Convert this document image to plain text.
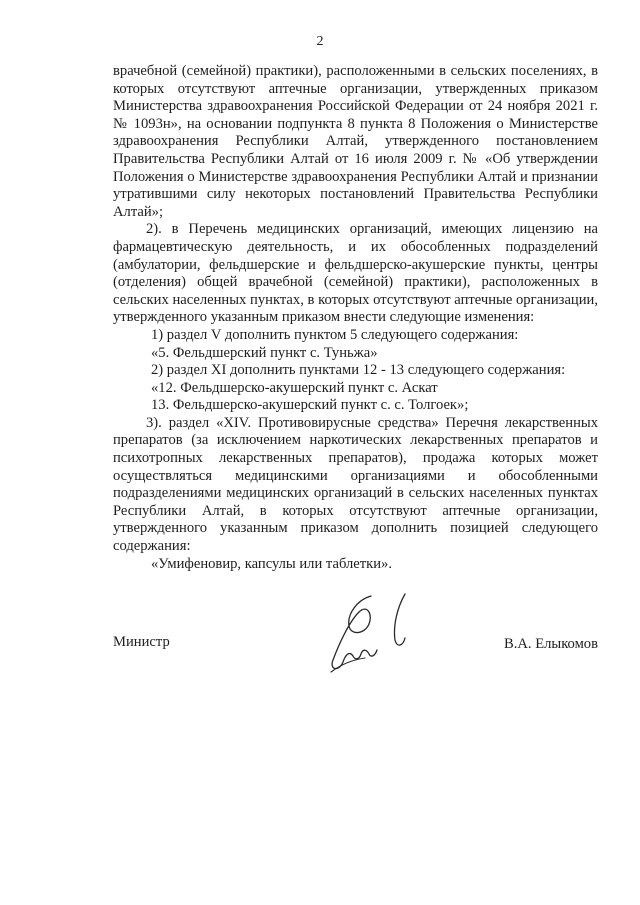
2

врачебной (семейной) практики), расположенными в сельских поселениях, в которых отсутствуют аптечные организации, утвержденных приказом Министерства здравоохранения Российской Федерации от 24 ноября 2021 г. № 1093н», на основании подпункта 8 пункта 8 Положения о Министерстве здравоохранения Республики Алтай, утвержденного постановлением Правительства Республики Алтай от 16 июля 2009 г. № «Об утверждении Положения о Министерстве здравоохранения Республики Алтай и признании утратившими силу некоторых постановлений Правительства Республики Алтай»;

2). в Перечень медицинских организаций, имеющих лицензию на фармацевтическую деятельность, и их обособленных подразделений (амбулатории, фельдшерские и фельдшерско-акушерские пункты, центры (отделения) общей врачебной (семейной) практики), расположенных в сельских населенных пунктах, в которых отсутствуют аптечные организации, утвержденного указанным приказом внести следующие изменения:

1) раздел V дополнить пунктом 5 следующего содержания:

«5. Фельдшерский пункт с. Туньжа»

2) раздел XI дополнить пунктами 12 - 13 следующего содержания:

«12. Фельдшерско-акушерский пункт с. Аскат

13. Фельдшерско-акушерский пункт с. с. Толгоек»;

3). раздел «XIV. Противовирусные средства» Перечня лекарственных препаратов (за исключением наркотических лекарственных препаратов и психотропных лекарственных препаратов), продажа которых может осуществляться медицинскими организациями и обособленными подразделениями медицинских организаций в сельских населенных пунктах Республики Алтай, в которых отсутствуют аптечные организации, утвержденного указанным приказом дополнить позицией следующего содержания:

«Умифеновир, капсулы или таблетки».

Министр	В.А. Елыкомов
